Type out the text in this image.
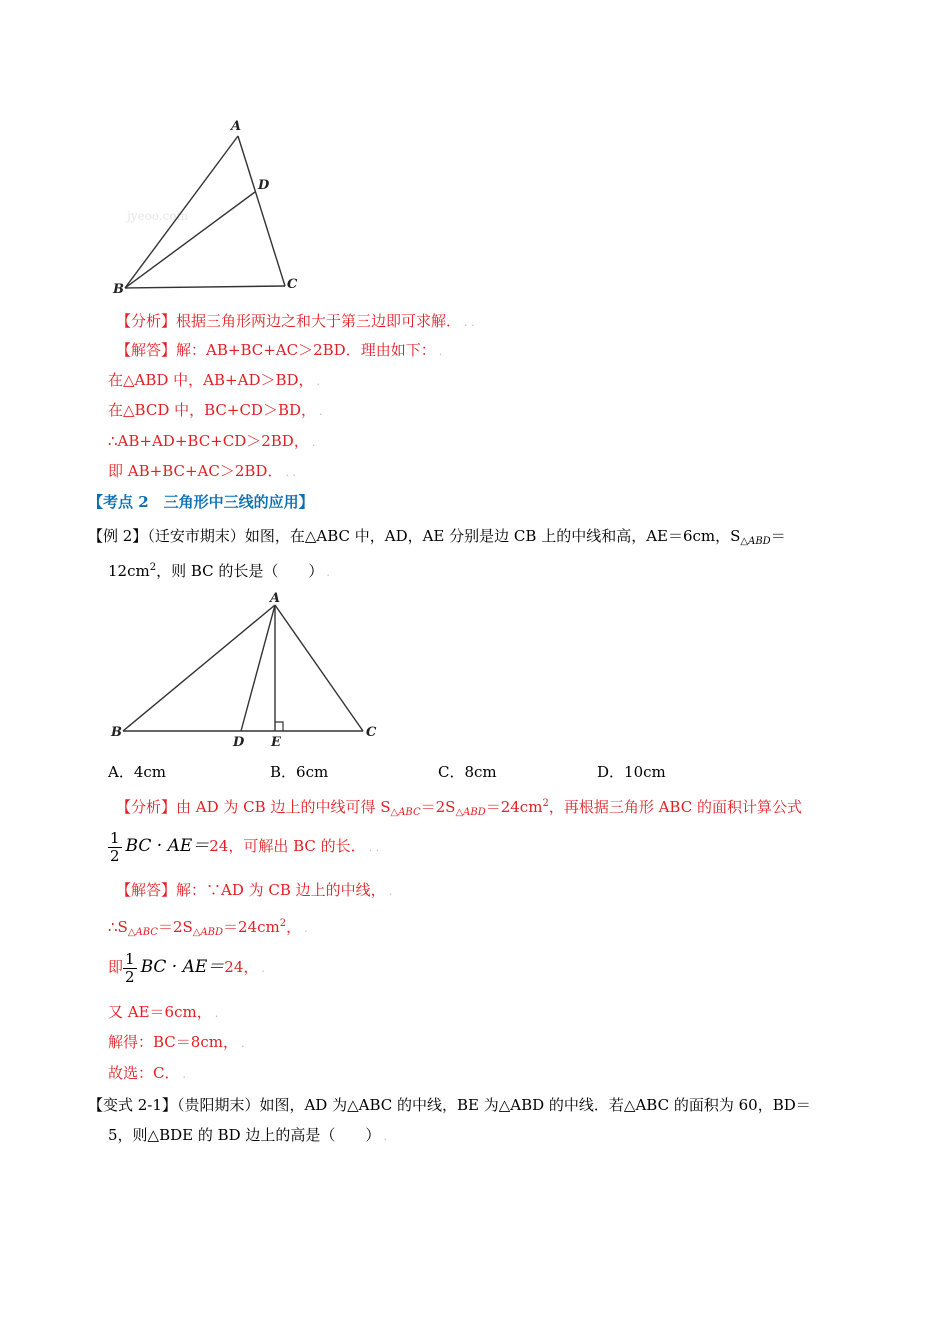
jyeoo.com
A
B	C
D
【分析】根据三角形两边之和大于第三边即可求解． . .
【解答】解：AB+BC+AC＞2BD．理由如下： .
在△ABD 中，AB+AD＞BD， .
在△BCD 中，BC+CD＞BD， .
∴AB+AD+BC+CD＞2BD， .
即 AB+BC+AC＞2BD． . .
【考点 2　三角形中三线的应用】
【例 2】（迁安市期末）如图，在△ABC 中，AD，AE 分别是边 CB 上的中线和高，AE＝6cm，$S_{\triangle ABD}=$
$12cm^2$，则 BC 的长是（　　） .
A
B	C
D E
A．4cm	B．6cm	C．8cm	D．10cm
【分析】由 AD 为 CB 边上的中线可得 $S_{\triangle ABC}=2S_{\triangle ABD}=24cm^2$，再根据三角形 ABC 的面积计算公式
$\frac{1}{2}$ BC · AE＝24，可解出 BC 的长． . .
【解答】解：∵AD 为 CB 边上的中线， .
$\therefore S_{\triangle ABC}=2S_{\triangle ABD}=24cm^2$， .
即 $\frac{1}{2}$ BC · AE＝24， .
又 AE＝6cm， .
解得：BC＝8cm， .
故选：C． .
【变式 2-1】（贵阳期末）如图，AD 为△ABC 的中线，BE 为△ABD 的中线．若△ABC 的面积为 60，BD＝
5，则△BDE 的 BD 边上的高是（　　） .
